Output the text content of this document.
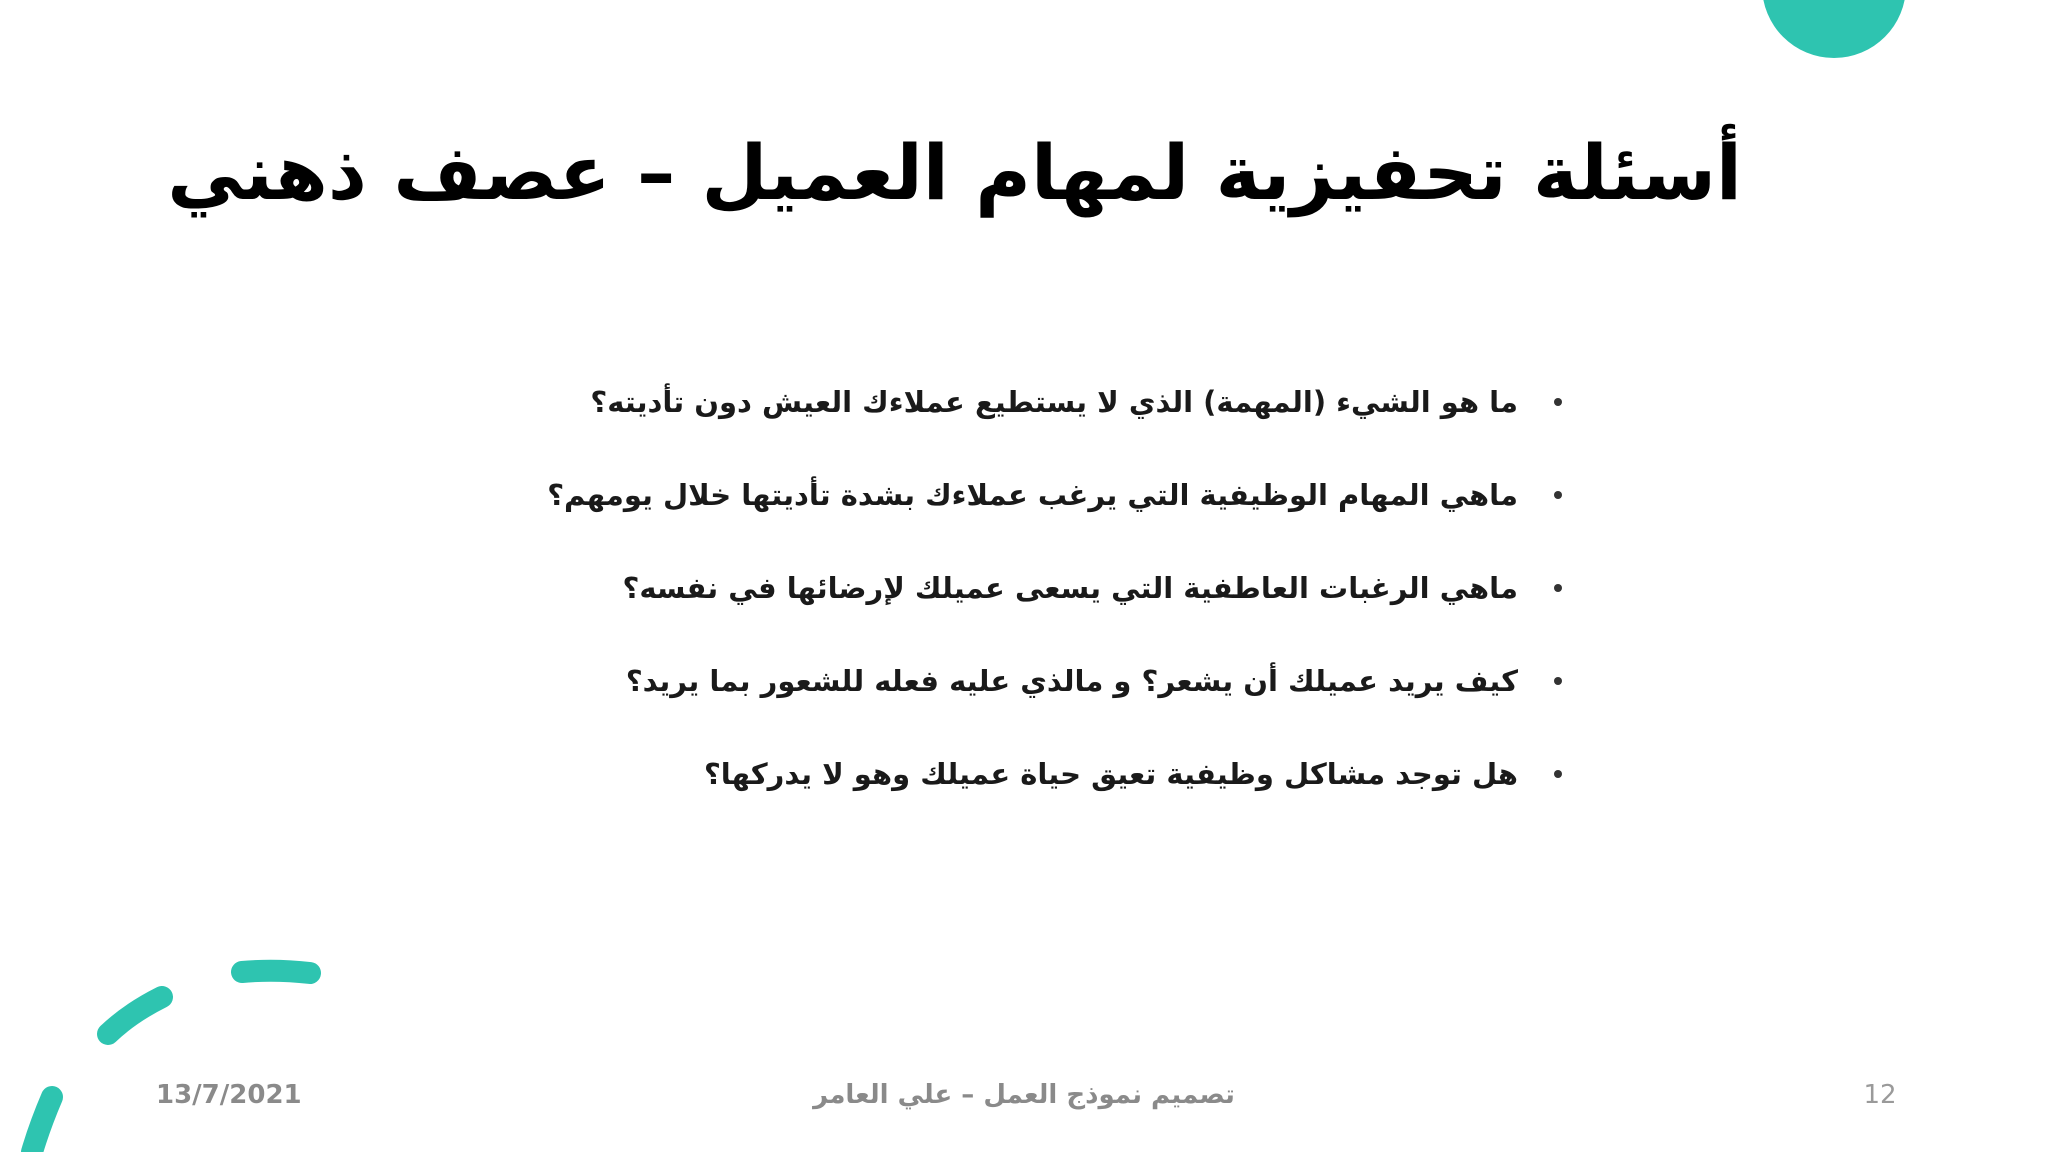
أسئلة تحفيزية لمهام العميل – عصف ذهني
ما هو الشيء (المهمة) الذي لا يستطيع عملاءك العيش دون تأديته؟
ماهي المهام الوظيفية التي يرغب عملاءك بشدة تأديتها خلال يومهم؟
ماهي الرغبات العاطفية التي يسعى عميلك لإرضائها في نفسه؟
كيف يريد عميلك أن يشعر؟ و مالذي عليه فعله للشعور بما يريد؟
هل توجد مشاكل وظيفية تعيق حياة عميلك وهو لا يدركها؟
13/7/2021	تصميم نموذج العمل – علي العامر	12
